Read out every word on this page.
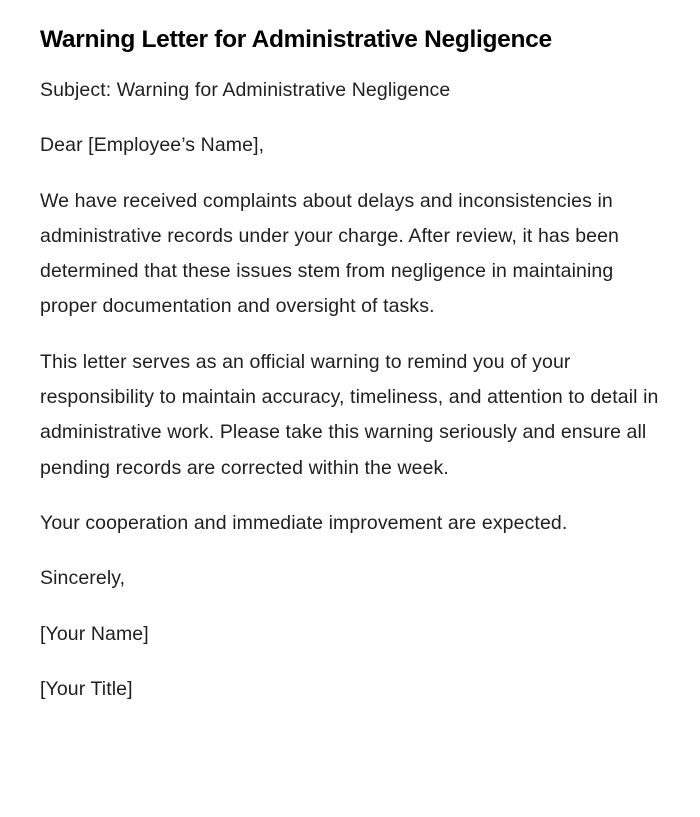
Warning Letter for Administrative Negligence

Subject: Warning for Administrative Negligence

Dear [Employee’s Name],

We have received complaints about delays and inconsistencies in administrative records under your charge. After review, it has been determined that these issues stem from negligence in maintaining proper documentation and oversight of tasks.

This letter serves as an official warning to remind you of your responsibility to maintain accuracy, timeliness, and attention to detail in administrative work. Please take this warning seriously and ensure all pending records are corrected within the week.

Your cooperation and immediate improvement are expected.

Sincerely,

[Your Name]

[Your Title]
